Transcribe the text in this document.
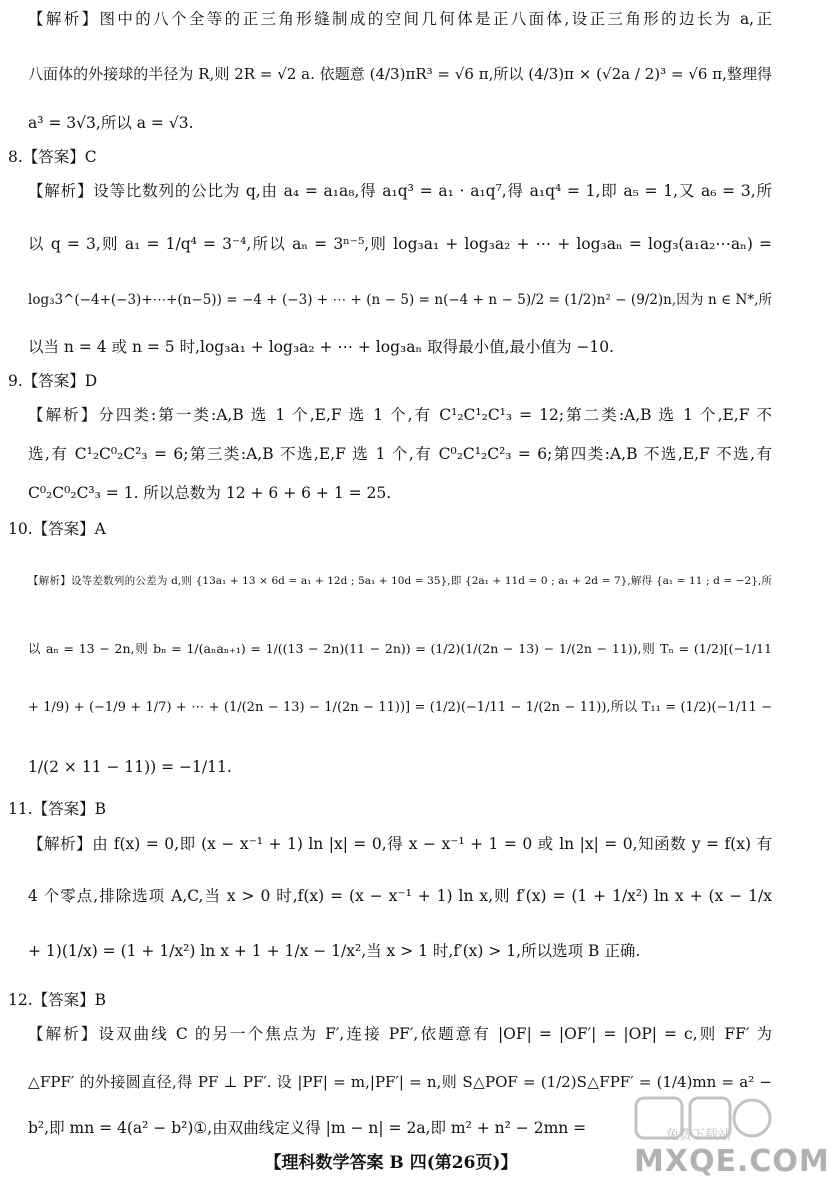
【解析】图中的八个全等的正三角形缝制成的空间几何体是正八面体,设正三角形的边长为 a,正
八面体的外接球的半径为 R,则 2R = √2 a. 依题意 (4/3)πR³ = √6 π,所以 (4/3)π × (√2a / 2)³ = √6 π,整理得
a³ = 3√3,所以 a = √3.
8.【答案】C
【解析】设等比数列的公比为 q,由 a₄ = a₁a₈,得 a₁q³ = a₁ · a₁q⁷,得 a₁q⁴ = 1,即 a₅ = 1,又 a₆ = 3,所
以 q = 3,则 a₁ = 1/q⁴ = 3⁻⁴,所以 aₙ = 3ⁿ⁻⁵,则 log₃a₁ + log₃a₂ + ⋯ + log₃aₙ = log₃(a₁a₂⋯aₙ) =
log₃3^(−4+(−3)+⋯+(n−5)) = −4 + (−3) + ⋯ + (n − 5) = n(−4 + n − 5)/2 = (1/2)n² − (9/2)n,因为 n ∈ N*,所
以当 n = 4 或 n = 5 时,log₃a₁ + log₃a₂ + ⋯ + log₃aₙ 取得最小值,最小值为 −10.
9.【答案】D
【解析】分四类:第一类:A,B 选 1 个,E,F 选 1 个,有 C¹₂C¹₂C¹₃ = 12;第二类:A,B 选 1 个,E,F 不
选,有 C¹₂C⁰₂C²₃ = 6;第三类:A,B 不选,E,F 选 1 个,有 C⁰₂C¹₂C²₃ = 6;第四类:A,B 不选,E,F 不选,有
C⁰₂C⁰₂C³₃ = 1. 所以总数为 12 + 6 + 6 + 1 = 25.
10.【答案】A
【解析】设等差数列的公差为 d,则 {13a₁ + 13 × 6d = a₁ + 12d ; 5a₁ + 10d = 35},即 {2a₁ + 11d = 0 ; a₁ + 2d = 7},解得 {a₁ = 11 ; d = −2},所
以 aₙ = 13 − 2n,则 bₙ = 1/(aₙaₙ₊₁) = 1/((13 − 2n)(11 − 2n)) = (1/2)(1/(2n − 13) − 1/(2n − 11)),则 Tₙ = (1/2)[(−1/11
+ 1/9) + (−1/9 + 1/7) + ⋯ + (1/(2n − 13) − 1/(2n − 11))] = (1/2)(−1/11 − 1/(2n − 11)),所以 T₁₁ = (1/2)(−1/11 −
1/(2 × 11 − 11)) = −1/11.
11.【答案】B
【解析】由 f(x) = 0,即 (x − x⁻¹ + 1) ln |x| = 0,得 x − x⁻¹ + 1 = 0 或 ln |x| = 0,知函数 y = f(x) 有
4 个零点,排除选项 A,C,当 x > 0 时,f(x) = (x − x⁻¹ + 1) ln x,则 f′(x) = (1 + 1/x²) ln x + (x − 1/x
+ 1)(1/x) = (1 + 1/x²) ln x + 1 + 1/x − 1/x²,当 x > 1 时,f′(x) > 1,所以选项 B 正确.
12.【答案】B
【解析】设双曲线 C 的另一个焦点为 F′,连接 PF′,依题意有 |OF| = |OF′| = |OP| = c,则 FF′ 为
△FPF′ 的外接圆直径,得 PF ⊥ PF′. 设 |PF| = m,|PF′| = n,则 S△POF = (1/2)S△FPF′ = (1/4)mn = a² −
b²,即 mn = 4(a² − b²)①,由双曲线定义得 |m − n| = 2a,即 m² + n² − 2mn =
【理科数学答案 B 四(第26页)】
免费下载站
MXQE.COM
